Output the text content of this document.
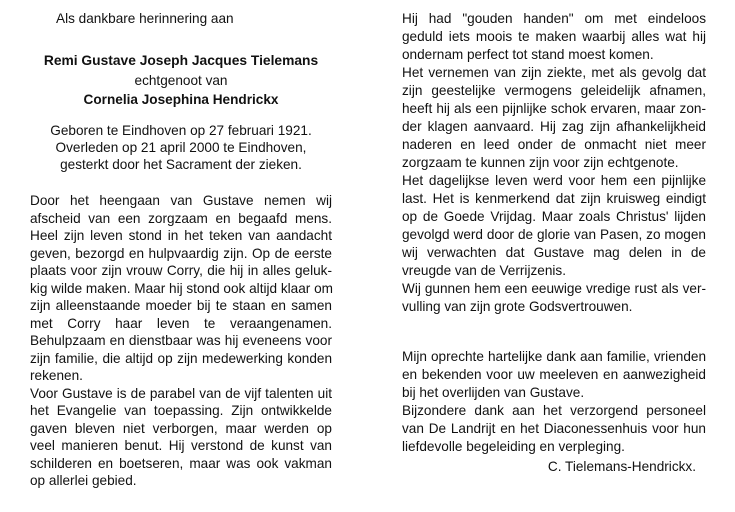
Als dankbare herinnering aan
Remi Gustave Joseph Jacques Tielemans
echtgenoot van
Cornelia Josephina Hendrickx
Geboren te Eindhoven op 27 februari 1921.
Overleden op 21 april 2000 te Eindhoven,
gesterkt door het Sacrament der zieken.
Door het heengaan van Gustave nemen wij
afscheid van een zorgzaam en begaafd mens.
Heel zijn leven stond in het teken van aandacht
geven, bezorgd en hulpvaardig zijn. Op de eerste
plaats voor zijn vrouw Corry, die hij in alles geluk-
kig wilde maken. Maar hij stond ook altijd klaar om
zijn alleenstaande moeder bij te staan en samen
met Corry haar leven te veraangenamen.
Behulpzaam en dienstbaar was hij eveneens voor
zijn familie, die altijd op zijn medewerking konden
rekenen.
Voor Gustave is de parabel van de vijf talenten uit
het Evangelie van toepassing. Zijn ontwikkelde
gaven bleven niet verborgen, maar werden op
veel manieren benut. Hij verstond de kunst van
schilderen en boetseren, maar was ook vakman
op allerlei gebied.
Hij had "gouden handen" om met eindeloos
geduld iets moois te maken waarbij alles wat hij
ondernam perfect tot stand moest komen.
Het vernemen van zijn ziekte, met als gevolg dat
zijn geestelijke vermogens geleidelijk afnamen,
heeft hij als een pijnlijke schok ervaren, maar zon-
der klagen aanvaard. Hij zag zijn afhankelijkheid
naderen en leed onder de onmacht niet meer
zorgzaam te kunnen zijn voor zijn echtgenote.
Het dagelijkse leven werd voor hem een pijnlijke
last. Het is kenmerkend dat zijn kruisweg eindigt
op de Goede Vrijdag. Maar zoals Christus' lijden
gevolgd werd door de glorie van Pasen, zo mogen
wij verwachten dat Gustave mag delen in de
vreugde van de Verrijzenis.
Wij gunnen hem een eeuwige vredige rust als ver-
vulling van zijn grote Godsvertrouwen.
Mijn oprechte hartelijke dank aan familie, vrienden
en bekenden voor uw meeleven en aanwezigheid
bij het overlijden van Gustave.
Bijzondere dank aan het verzorgend personeel
van De Landrijt en het Diaconessenhuis voor hun
liefdevolle begeleiding en verpleging.
C. Tielemans-Hendrickx.
